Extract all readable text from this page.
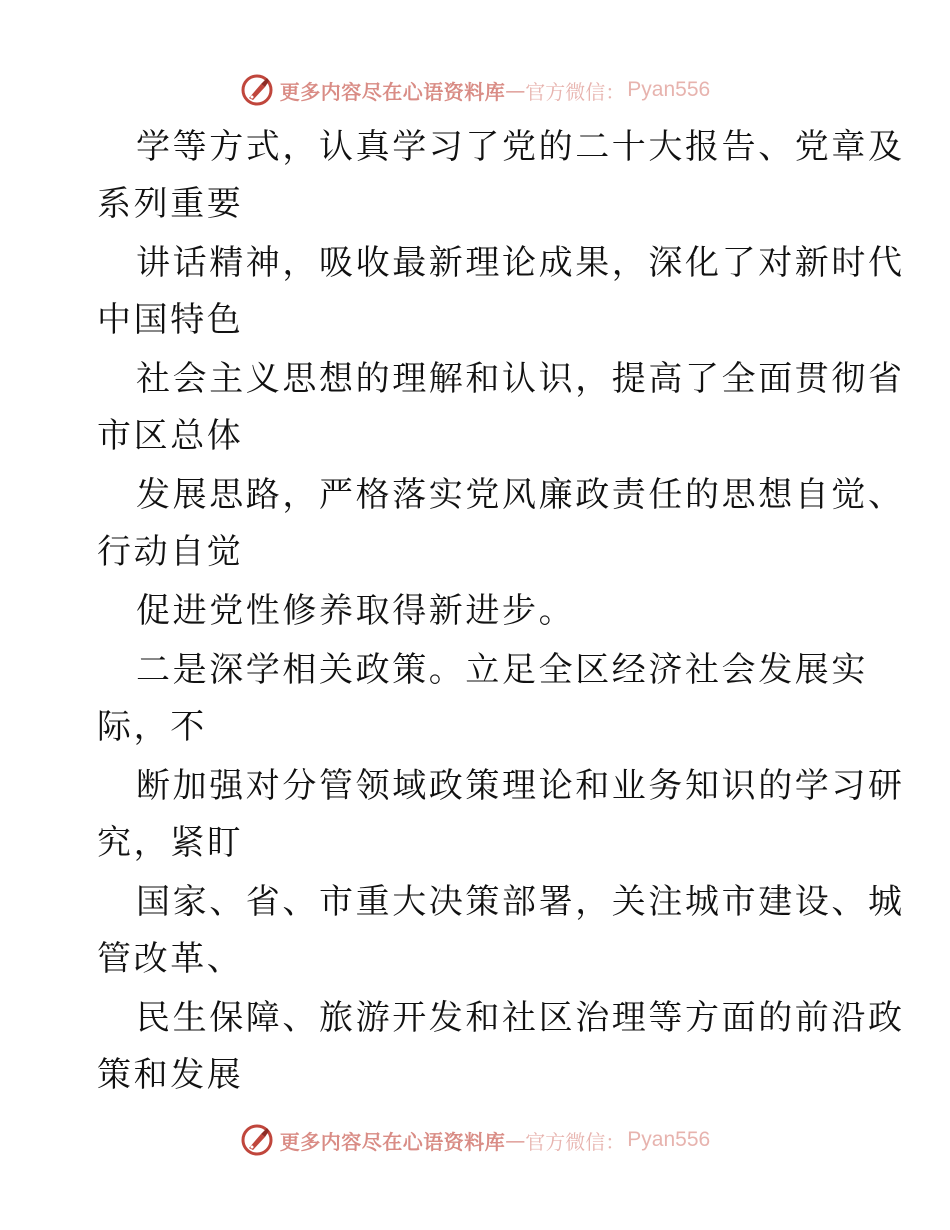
更多内容尽在心语资料库 — 官方微信： Pyan556
学等方式，认真学习了党的二十大报告、党章及
系列重要
讲话精神，吸收最新理论成果，深化了对新时代
中国特色
社会主义思想的理解和认识，提高了全面贯彻省
市区总体
发展思路，严格落实党风廉政责任的思想自觉、
行动自觉
促进党性修养取得新进步。
二是深学相关政策。立足全区经济社会发展实
际，不
断加强对分管领域政策理论和业务知识的学习研
究，紧盯
国家、省、市重大决策部署，关注城市建设、城
管改革、
民生保障、旅游开发和社区治理等方面的前沿政
策和发展
更多内容尽在心语资料库 — 官方微信： Pyan556
